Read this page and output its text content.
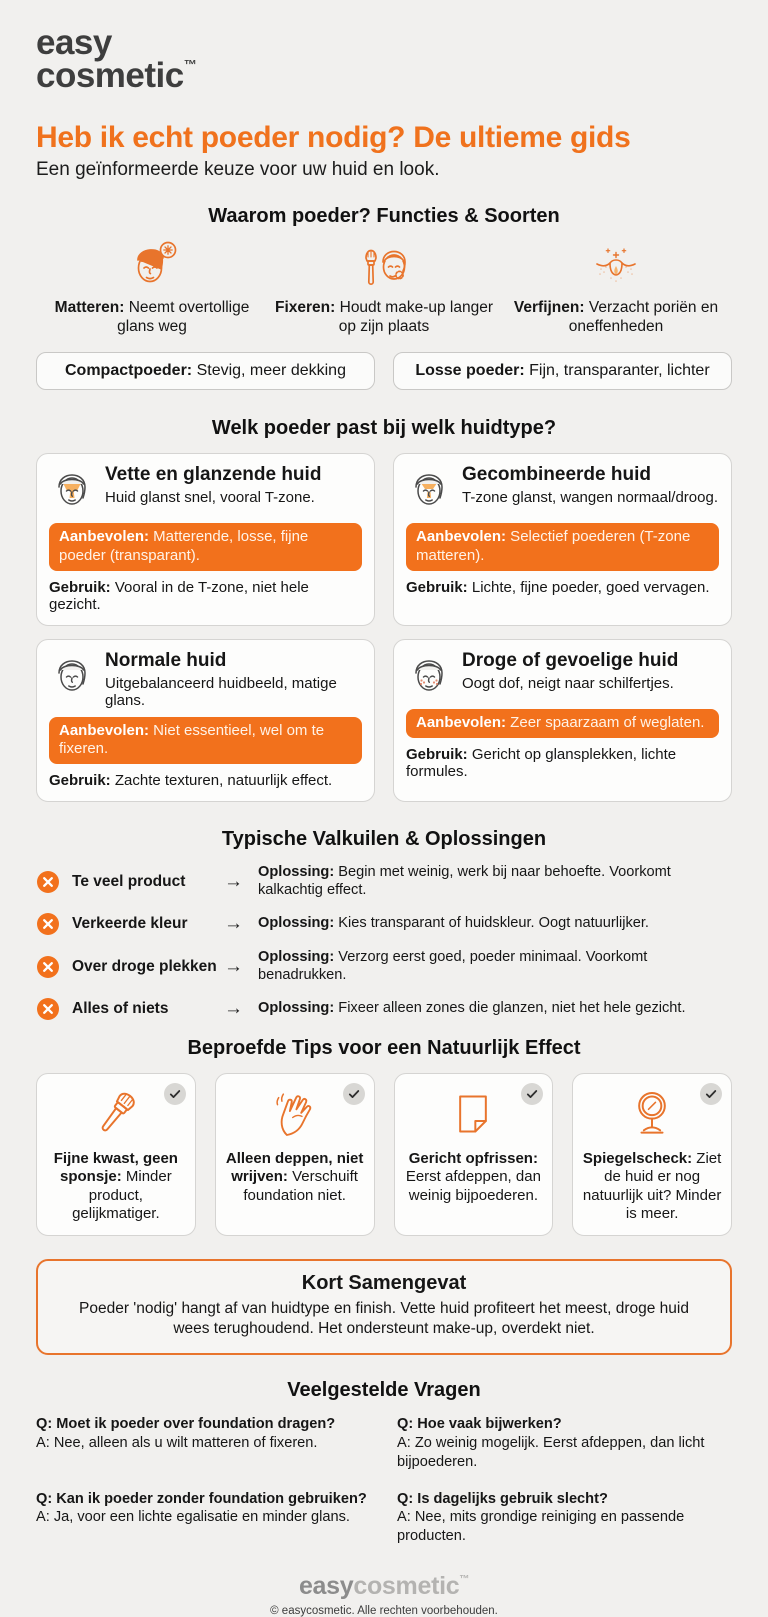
easy
cosmetic™
Heb ik echt poeder nodig? De ultieme gids
Een geïnformeerde keuze voor uw huid en look.
Waarom poeder? Functies & Soorten
Matteren: Neemt overtollige glans weg
Fixeren: Houdt make-up langer op zijn plaats
Verfijnen: Verzacht poriën en oneffenheden
Compactpoeder: Stevig, meer dekking	Losse poeder: Fijn, transparanter, lichter
Welk poeder past bij welk huidtype?
Vette en glanzende huid
Huid glanst snel, vooral T-zone.
Aanbevolen: Matterende, losse, fijne poeder (transparant).
Gebruik: Vooral in de T-zone, niet hele gezicht.
Gecombineerde huid
T-zone glanst, wangen normaal/droog.
Aanbevolen: Selectief poederen (T-zone matteren).
Gebruik: Lichte, fijne poeder, goed vervagen.
Normale huid
Uitgebalanceerd huidbeeld, matige glans.
Aanbevolen: Niet essentieel, wel om te fixeren.
Gebruik: Zachte texturen, natuurlijk effect.
Droge of gevoelige huid
Oogt dof, neigt naar schilfertjes.
Aanbevolen: Zeer spaarzaam of weglaten.
Gebruik: Gericht op glansplekken, lichte formules.
Typische Valkuilen & Oplossingen
Te veel product	→	Oplossing: Begin met weinig, werk bij naar behoefte. Voorkomt kalkachtig effect.
Verkeerde kleur	→	Oplossing: Kies transparant of huidskleur. Oogt natuurlijker.
Over droge plekken →	Oplossing: Verzorg eerst goed, poeder minimaal. Voorkomt benadrukken.
Alles of niets	→	Oplossing: Fixeer alleen zones die glanzen, niet het hele gezicht.
Beproefde Tips voor een Natuurlijk Effect
Fijne kwast, geen sponsje: Minder product, gelijkmatiger.
Alleen deppen, niet wrijven: Verschuift foundation niet.
Gericht opfrissen: Eerst afdeppen, dan weinig bijpoederen.
Spiegelscheck: Ziet de huid er nog natuurlijk uit? Minder is meer.
Kort Samengevat
Poeder 'nodig' hangt af van huidtype en finish. Vette huid profiteert het meest, droge huid wees terughoudend. Het ondersteunt make-up, overdekt niet.
Veelgestelde Vragen
Q: Moet ik poeder over foundation dragen?
A: Nee, alleen als u wilt matteren of fixeren.
Q: Hoe vaak bijwerken?
A: Zo weinig mogelijk. Eerst afdeppen, dan licht bijpoederen.
Q: Kan ik poeder zonder foundation gebruiken?
A: Ja, voor een lichte egalisatie en minder glans.
Q: Is dagelijks gebruik slecht?
A: Nee, mits grondige reiniging en passende producten.
easycosmetic™
© easycosmetic. Alle rechten voorbehouden.
